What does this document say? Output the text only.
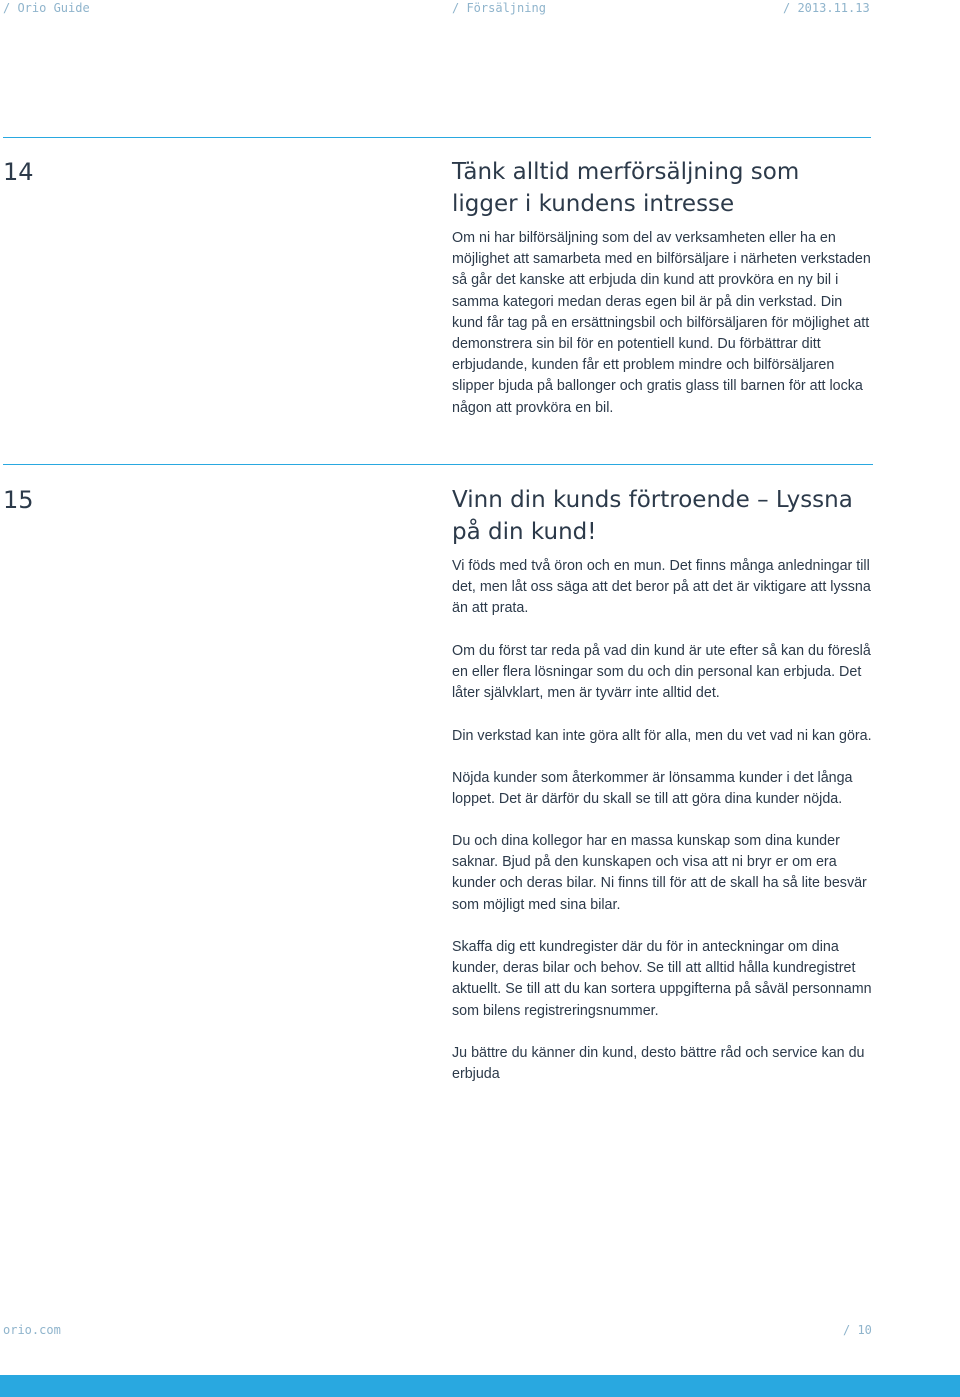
/ Orio Guide	/ Försäljning	/ 2013.11.13
14	Tänk alltid merförsäljning som ligger i kundens intresse

Om ni har bilförsäljning som del av verksamheten eller ha en möjlighet att samarbeta med en bilförsäljare i närheten verkstaden så går det kanske att erbjuda din kund att provköra en ny bil i samma kategori medan deras egen bil är på din verkstad. Din kund får tag på en ersättningsbil och bilförsäljaren för möjlighet att demonstrera sin bil för en potentiell kund. Du förbättrar ditt erbjudande, kunden får ett problem mindre och bilförsäljaren slipper bjuda på ballonger och gratis glass till barnen för att locka någon att provköra en bil.

15	Vinn din kunds förtroende – Lyssna på din kund!

Vi föds med två öron och en mun. Det finns många anledningar till det, men låt oss säga att det beror på att det är viktigare att lyssna än att prata.

Om du först tar reda på vad din kund är ute efter så kan du föreslå en eller flera lösningar som du och din personal kan erbjuda. Det låter självklart, men är tyvärr inte alltid det.

Din verkstad kan inte göra allt för alla, men du vet vad ni kan göra.

Nöjda kunder som återkommer är lönsamma kunder i det långa loppet. Det är därför du skall se till att göra dina kunder nöjda.

Du och dina kollegor har en massa kunskap som dina kunder saknar. Bjud på den kunskapen och visa att ni bryr er om era kunder och deras bilar. Ni finns till för att de skall ha så lite besvär som möjligt med sina bilar.

Skaffa dig ett kundregister där du för in anteckningar om dina kunder, deras bilar och behov. Se till att alltid hålla kundregistret aktuellt. Se till att du kan sortera uppgifterna på såväl personnamn som bilens registreringsnummer.

Ju bättre du känner din kund, desto bättre råd och service kan du erbjuda

orio.com	/ 10
